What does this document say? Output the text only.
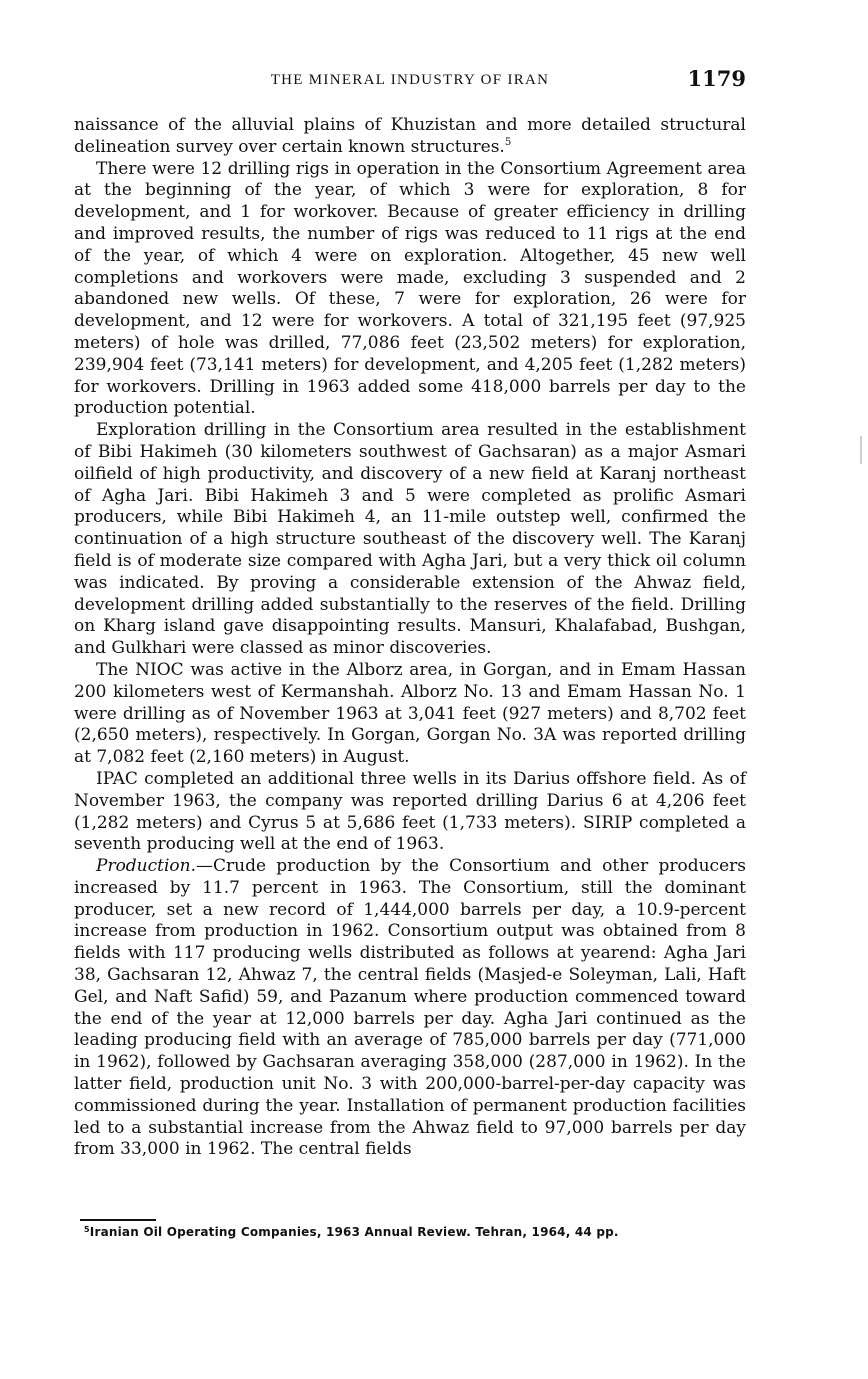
THE MINERAL INDUSTRY OF IRAN	1179

naissance of the alluvial plains of Khuzistan and more detailed structural delineation survey over certain known structures.$^5$

There were 12 drilling rigs in operation in the Consortium Agreement area at the beginning of the year, of which 3 were for exploration, 8 for development, and 1 for workover. Because of greater efficiency in drilling and improved results, the number of rigs was reduced to 11 rigs at the end of the year, of which 4 were on exploration. Altogether, 45 new well completions and workovers were made, excluding 3 suspended and 2 abandoned new wells. Of these, 7 were for exploration, 26 were for development, and 12 were for workovers. A total of 321,195 feet (97,925 meters) of hole was drilled, 77,086 feet (23,502 meters) for exploration, 239,904 feet (73,141 meters) for development, and 4,205 feet (1,282 meters) for workovers. Drilling in 1963 added some 418,000 barrels per day to the production potential.

Exploration drilling in the Consortium area resulted in the establishment of Bibi Hakimeh (30 kilometers southwest of Gachsaran) as a major Asmari oilfield of high productivity, and discovery of a new field at Karanj northeast of Agha Jari. Bibi Hakimeh 3 and 5 were completed as prolific Asmari producers, while Bibi Hakimeh 4, an 11-mile outstep well, confirmed the continuation of a high structure southeast of the discovery well. The Karanj field is of moderate size compared with Agha Jari, but a very thick oil column was indicated. By proving a considerable extension of the Ahwaz field, development drilling added substantially to the reserves of the field. Drilling on Kharg island gave disappointing results. Mansuri, Khalafabad, Bushgan, and Gulkhari were classed as minor discoveries.

The NIOC was active in the Alborz area, in Gorgan, and in Emam Hassan 200 kilometers west of Kermanshah. Alborz No. 13 and Emam Hassan No. 1 were drilling as of November 1963 at 3,041 feet (927 meters) and 8,702 feet (2,650 meters), respectively. In Gorgan, Gorgan No. 3A was reported drilling at 7,082 feet (2,160 meters) in August.

IPAC completed an additional three wells in its Darius offshore field. As of November 1963, the company was reported drilling Darius 6 at 4,206 feet (1,282 meters) and Cyrus 5 at 5,686 feet (1,733 meters). SIRIP completed a seventh producing well at the end of 1963.

Production.—Crude production by the Consortium and other producers increased by 11.7 percent in 1963. The Consortium, still the dominant producer, set a new record of 1,444,000 barrels per day, a 10.9-percent increase from production in 1962. Consortium output was obtained from 8 fields with 117 producing wells distributed as follows at yearend: Agha Jari 38, Gachsaran 12, Ahwaz 7, the central fields (Masjed-e Soleyman, Lali, Haft Gel, and Naft Safid) 59, and Pazanum where production commenced toward the end of the year at 12,000 barrels per day. Agha Jari continued as the leading producing field with an average of 785,000 barrels per day (771,000 in 1962), followed by Gachsaran averaging 358,000 (287,000 in 1962). In the latter field, production unit No. 3 with 200,000-barrel-per-day capacity was commissioned during the year. Installation of permanent production facilities led to a substantial increase from the Ahwaz field to 97,000 barrels per day from 33,000 in 1962. The central fields

$^5$Iranian Oil Operating Companies, 1963 Annual Review. Tehran, 1964, 44 pp.
